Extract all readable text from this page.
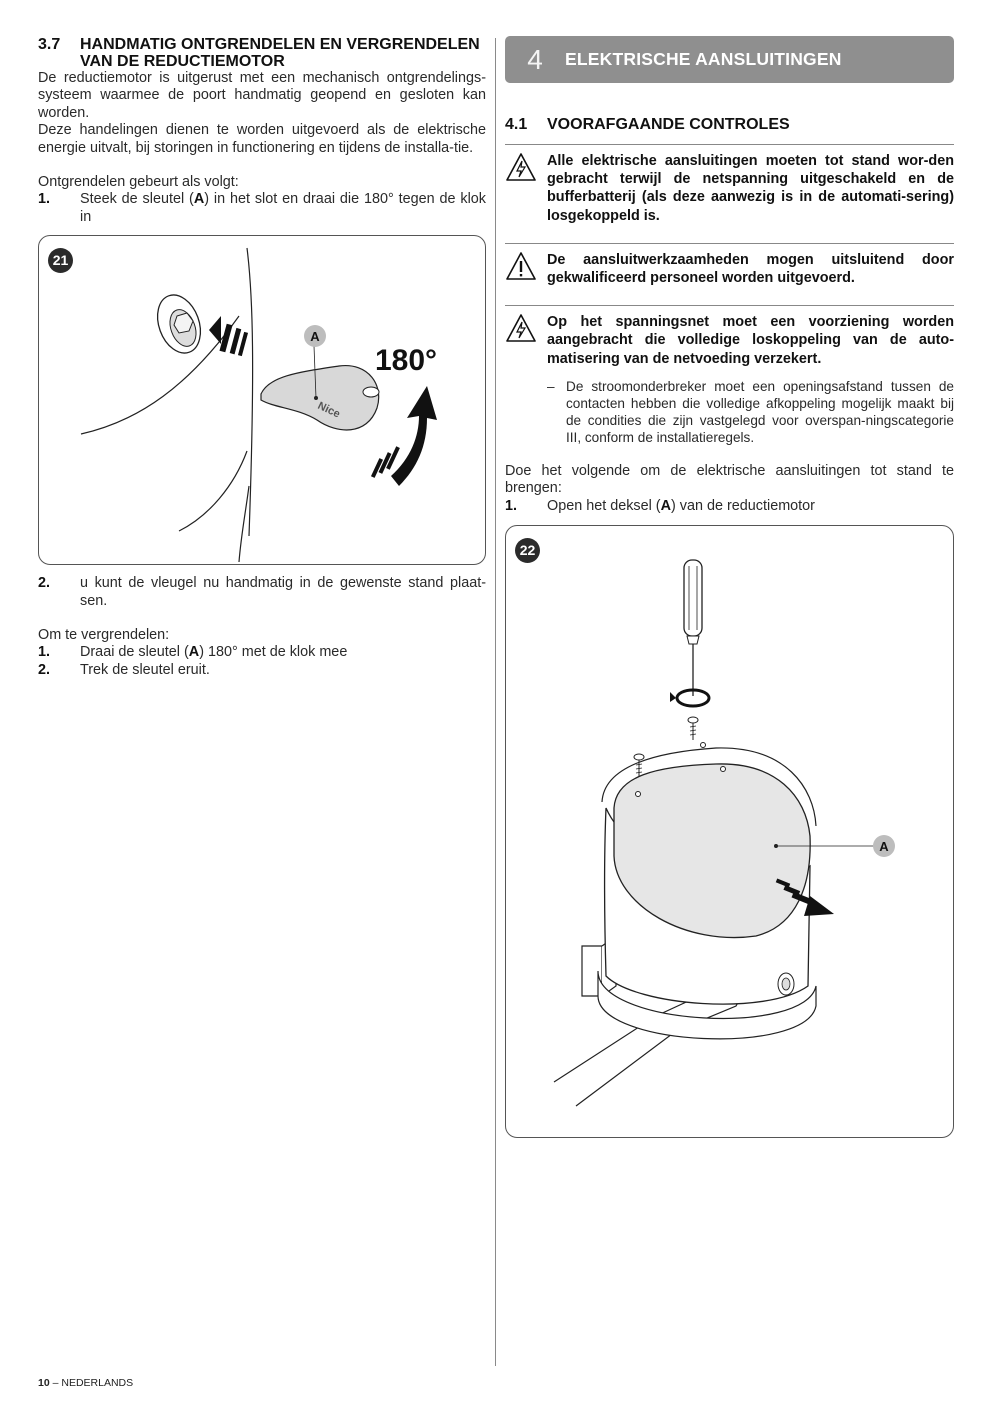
3.7	HANDMATIG ONTGRENDELEN EN VERGRENDELEN VAN DE REDUCTIEMOTOR

De reductiemotor is uitgerust met een mechanisch ontgrendelings-systeem waarmee de poort handmatig geopend en gesloten kan worden.

Deze handelingen dienen te worden uitgevoerd als de elektrische energie uitvalt, bij storingen in functionering en tijdens de installa-tie.

Ontgrendelen gebeurt als volgt:

1.	Steek de sleutel (A) in het slot en draai die 180° tegen de klok in
Nice
A
180°
21
2.	u kunt de vleugel nu handmatig in de gewenste stand plaat-sen.

Om te vergrendelen:

1.	Draai de sleutel (A) 180° met de klok mee
2.	Trek de sleutel eruit.
4	ELEKTRISCHE AANSLUITINGEN
4.1	VOORAFGAANDE CONTROLES
Alle elektrische aansluitingen moeten tot stand wor-den gebracht terwijl de netspanning uitgeschakeld en de bufferbatterij (als deze aanwezig is in de automati-sering) losgekoppeld is.
De aansluitwerkzaamheden mogen uitsluitend door gekwalificeerd personeel worden uitgevoerd.
Op het spanningsnet moet een voorziening worden aangebracht die volledige loskoppeling van de auto-matisering van de netvoeding verzekert.
– De stroomonderbreker moet een openingsafstand tussen de contacten hebben die volledige afkoppeling mogelijk maakt bij de condities die zijn vastgelegd voor overspan-ningscategorie III, conform de installatieregels.

Doe het volgende om de elektrische aansluitingen tot stand te brengen:

1.	Open het deksel (A) van de reductiemotor
A
22
10 – NEDERLANDS
